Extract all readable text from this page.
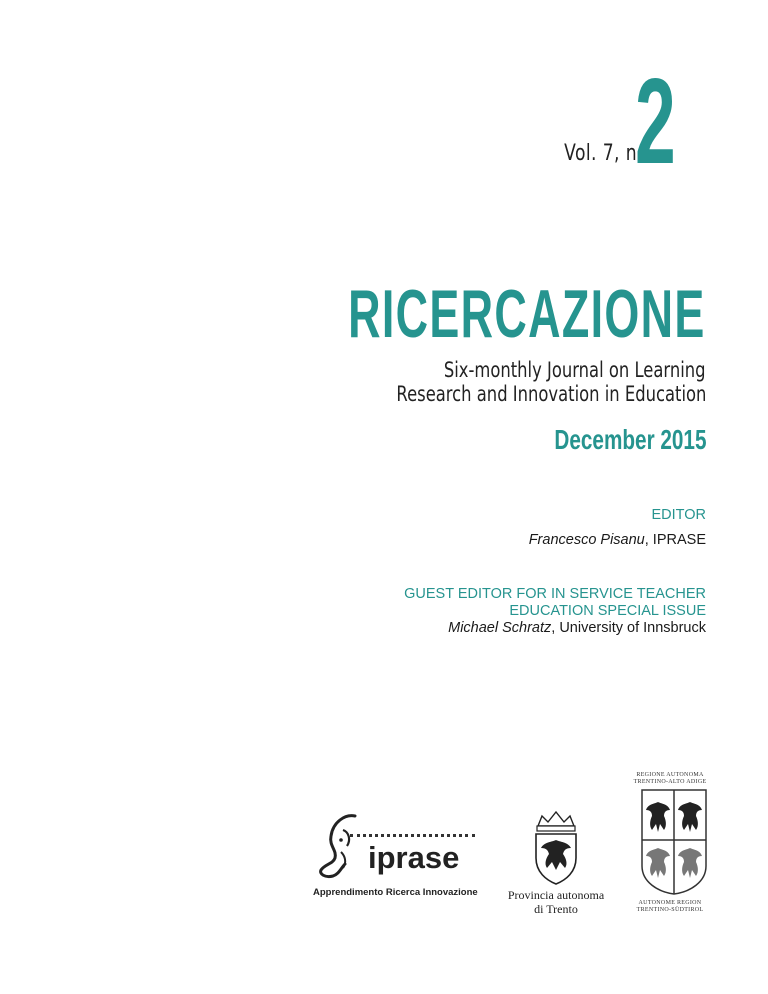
Vol. 7, n.
2
RICERCAZIONE
Six-monthly Journal on Learning
Research and Innovation in Education
December 2015
EDITOR
Francesco Pisanu, IPRASE
GUEST EDITOR FOR IN SERVICE TEACHER
EDUCATION SPECIAL ISSUE
Michael Schratz, University of Innsbruck
iprase
Apprendimento Ricerca Innovazione	Provincia autonoma
di Trento
REGIONE AUTONOMA
TRENTINO-ALTO ADIGE
AUTONOME REGION
TRENTINO-SÜDTIROL
